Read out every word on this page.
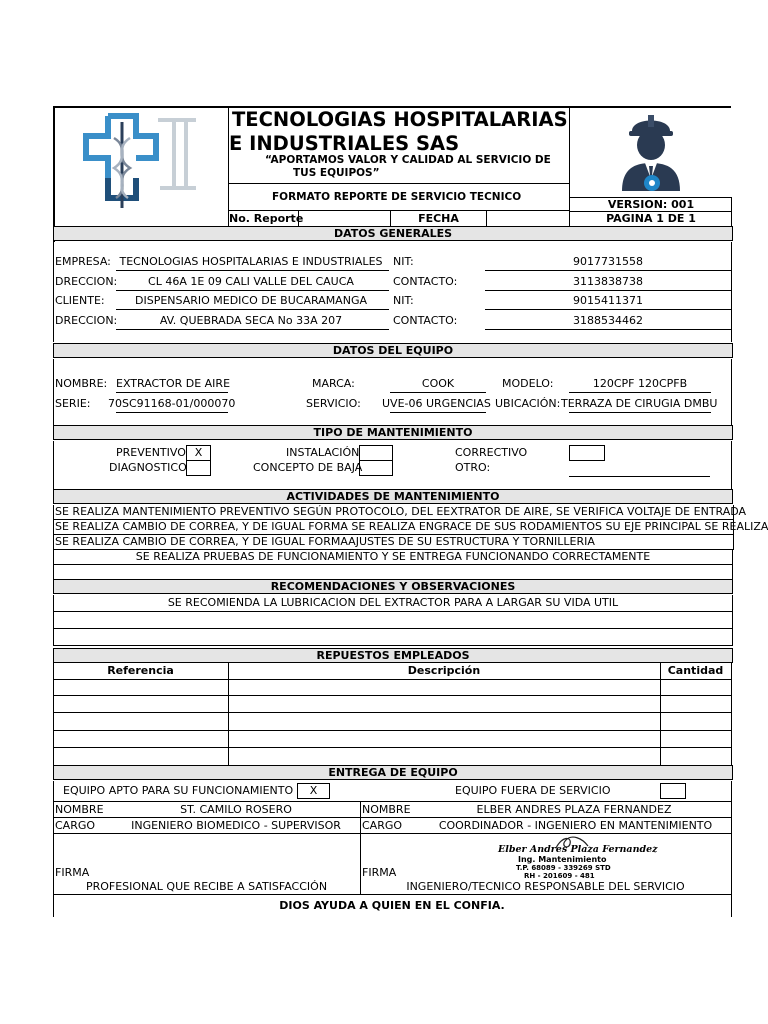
TECNOLOGIAS HOSPITALARIAS
E INDUSTRIALES SAS
“APORTAMOS VALOR Y CALIDAD AL SERVICIO DE
TUS EQUIPOS”
FORMATO REPORTE DE SERVICIO TECNICO
VERSION: 001
PAGINA 1 DE 1
No. Reporte	FECHA
DATOS GENERALES
EMPRESA: TECNOLOGIAS HOSPITALARIAS E INDUSTRIALES NIT:	9017731558
DRECCION:	CL 46A 1E 09 CALI VALLE DEL CAUCA	CONTACTO:	3113838738
CLIENTE:	DISPENSARIO MEDICO DE BUCARAMANGA	NIT:	9015411371
DRECCION:	AV. QUEBRADA SECA No 33A 207	CONTACTO:	3188534462
DATOS DEL EQUIPO
NOMBRE: EXTRACTOR DE AIRE	MARCA:	COOK	MODELO:	120CPF 120CPFB
SERIE: 70SC91168-01/000070	SERVICIO: UVE-06 URGENCIAS UBICACIÓN: TERRAZA DE CIRUGIA DMBU
TIPO DE MANTENIMIENTO
PREVENTIVO X	INSTALACIÓN	CORRECTIVO
DIAGNOSTICO	CONCEPTO DE BAJA	OTRO:
ACTIVIDADES DE MANTENIMIENTO
SE REALIZA MANTENIMIENTO PREVENTIVO SEGÚN PROTOCOLO, DEL EEXTRATOR DE AIRE, SE VERIFICA VOLTAJE DE ENTRADA
SE REALIZA CAMBIO DE CORREA, Y DE IGUAL FORMA SE REALIZA ENGRACE DE SUS RODAMIENTOS SU EJE PRINCIPAL SE REALIZA
SE REALIZA CAMBIO DE CORREA, Y DE IGUAL FORMAAJUSTES DE SU ESTRUCTURA Y TORNILLERIA
SE REALIZA PRUEBAS DE FUNCIONAMIENTO Y SE ENTREGA FUNCIONANDO CORRECTAMENTE
RECOMENDACIONES Y OBSERVACIONES
SE RECOMIENDA LA LUBRICACION DEL EXTRACTOR PARA A LARGAR SU VIDA UTIL
REPUESTOS EMPLEADOS
Referencia	Descripción	Cantidad
ENTREGA DE EQUIPO
EQUIPO APTO PARA SU FUNCIONAMIENTO	X	EQUIPO FUERA DE SERVICIO
NOMBRE	ST. CAMILO ROSERO
CARGO	INGENIERO BIOMEDICO - SUPERVISOR
FIRMA
PROFESIONAL QUE RECIBE A SATISFACCIÓN
NOMBRE	ELBER ANDRES PLAZA FERNANDEZ
CARGO	COORDINADOR - INGENIERO EN MANTENIMIENTO
FIRMA
INGENIERO/TECNICO RESPONSABLE DEL SERVICIO
Elber Andres Plaza Fernandez
Ing. Mantenimiento
T.P. 68089 - 339269 STD
RH - 201609 - 481
DIOS AYUDA A QUIEN EN EL CONFIA.
